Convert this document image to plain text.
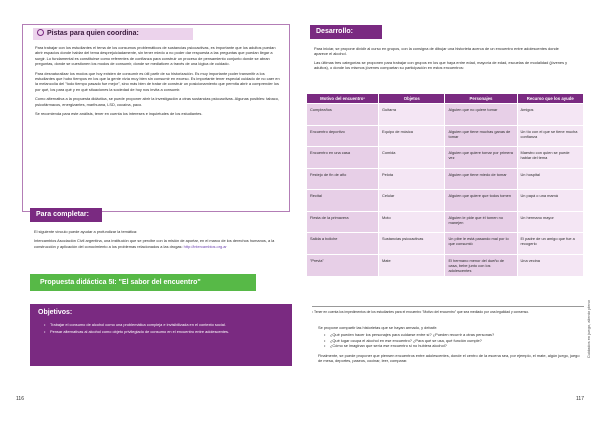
Pistas para quien coordina:

Para trabajar con los estudiantes el tema de los consumos problemáticos de sustancias psicoactivas, es importante que los adultos puedan abrir espacios donde hablar del tema desprejuiciadamente, sin tener miedo a no poder dar respuesta a las preguntas que puedan llegar a surgir. Lo fundamental es constituirse como referentes de confianza para construir un proceso de pensamiento conjunto donde se abran preguntas, donde se cuestionen los modos de consumir, donde se mediaticen a través de una lógica de cuidado.

Para desnaturalizar los modos que hoy existen de consumir es útil partir de su historización. Es muy importante poder transmitir a los estudiantes que hubo tiempos en los que la gente vivía muy bien sin consumir en exceso. Es importante tener especial cuidado de no caer en la melancolía del "todo tiempo pasado fue mejor", sino más bien de tratar de construir un posicionamiento que permita abrir a comprender los por qué, los para qué y en qué situaciones la sociedad de hoy nos invita a consumir.

Como alternativa a la propuesta didáctica, se puede proponer abrir la investigación a otras sustancias psicoactivas. Algunas posibles: tabaco, psicofármacos, energizantes, marihuana, LSD, cocaína, paco.

Se recomienda para este análisis, tener en cuenta los intereses e inquietudes de los estudiantes.

Para completar:

El siguiente vínculo puede ayudar a profundizar la temática:

Intercambios Asociación Civil argentina, una institución que se percibe con la misión de aportar, en el marco de los derechos humanos, a la construcción y aplicación del conocimiento a los problemas relacionados a las drogas: http://intercambios.org.ar

Propuesta didáctica 5I: "El sabor del encuentro"
Objetivos:
• Trabajar el consumo de alcohol como una problemática compleja e invisibilizada en el contexto social.
• Pensar alternativas al alcohol como objeto privilegiado de consumo en el encuentro entre adolescentes.
116
Desarrollo:

Para iniciar, se propone dividir al curso en grupos, con la consigna de dibujar una historieta acerca de un encuentro entre adolescentes donde aparece el alcohol.

Las últimas tres categorías se proponen para trabajar con grupos en los que haya entre edad, mayoría de edad, escuelas de modalidad (jóvenes y adultos), o donde los mismos jóvenes compartan su participación en estos encuentros:

Motivo del encuentro¹	Objetos	Personajes	Recurso que los ayude
Cumpleaños	Guitarra	Alguien que no quiere tomar	Amigos
Encuentro deportivo	Equipo de música	Alguien que tiene muchas ganas de tomar	Un tío con el que se tiene mucha confianza
Encuentro en una casa	Comida	Alguien que quiere tomar por primera vez	Maestro con quien se puede hablar del tema
Festejo de fin de año	Pelota	Alguien que tiene miedo de tomar	Un hospital
Recital	Celular	Alguien que quiere que todos tomen	Un papá o una mamá
Fiesta de la primavera	Moto	Alguien le pide que él tomen no manejen	Un hermano mayor
Salida a boliche	Sustancias psicoactivas	Un pibe le está pasando mal por lo que consumió	El padre de un amigo que fue a recogerlo
"Previa"	Mate	El hermano menor del dueño de casa, bebe junto con los adolescentes	Una vecina
¹ Tener en cuenta los impedimentos de los estudiantes para el encuentro "Motivo del encuentro" que sea mediado por una legalidad y consenso.

Se propone compartir las historietas que se hayan armado, y debatir:

• ¿Qué pueden hacer los personajes para cuidarse entre sí? ¿Pueden recurrir a otras personas?
• ¿Qué lugar ocupa el alcohol en ese encuentro? ¿Para qué se usa, qué función cumple?
• ¿Cómo se imaginan que sería ese encuentro si no hubiera alcohol?

Finalmente, se puede proponer que piensen encuentros entre adolescentes, donde el centro de la escena sea, por ejemplo, el mate, algún juego, juego de mesa, deportes, paseos, cocinar, leer, comparar.

Cuidados en juego, aliento pleno
117
